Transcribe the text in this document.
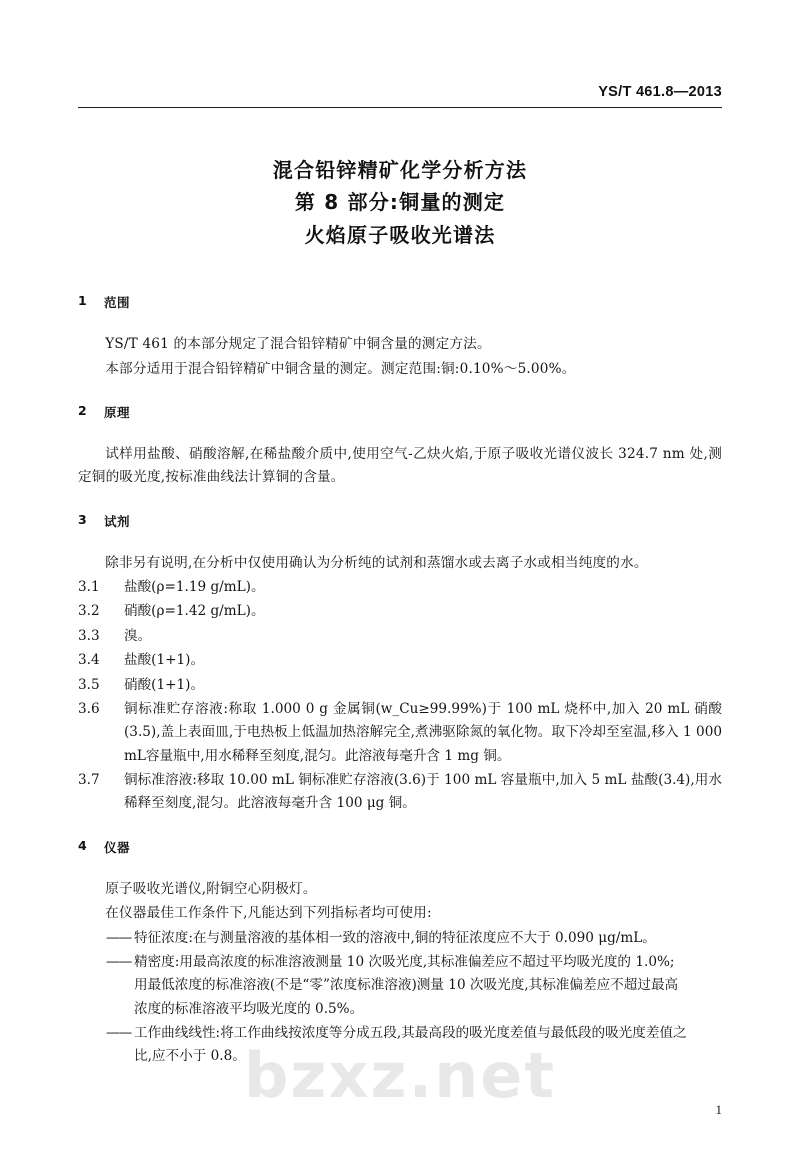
YS/T 461.8—2013
混合铅锌精矿化学分析方法
第 8 部分:铜量的测定
火焰原子吸收光谱法
1	范围
YS/T 461 的本部分规定了混合铅锌精矿中铜含量的测定方法。
本部分适用于混合铅锌精矿中铜含量的测定。测定范围:铜:0.10%～5.00%。
2	原理
试样用盐酸、硝酸溶解,在稀盐酸介质中,使用空气-乙炔火焰,于原子吸收光谱仪波长 324.7 nm 处,测定铜的吸光度,按标准曲线法计算铜的含量。
3	试剂
除非另有说明,在分析中仅使用确认为分析纯的试剂和蒸馏水或去离子水或相当纯度的水。
3.1	盐酸(ρ=1.19 g/mL)。
3.2	硝酸(ρ=1.42 g/mL)。
3.3	溴。
3.4	盐酸(1+1)。
3.5	硝酸(1+1)。
3.6	铜标准贮存溶液:称取 1.000 0 g 金属铜(w_Cu≥99.99%)于 100 mL 烧杯中,加入 20 mL 硝酸(3.5),盖上表面皿,于电热板上低温加热溶解完全,煮沸驱除氮的氧化物。取下冷却至室温,移入 1 000 mL容量瓶中,用水稀释至刻度,混匀。此溶液每毫升含 1 mg 铜。
3.7	铜标准溶液:移取 10.00 mL 铜标准贮存溶液(3.6)于 100 mL 容量瓶中,加入 5 mL 盐酸(3.4),用水稀释至刻度,混匀。此溶液每毫升含 100 μg 铜。
4	仪器
原子吸收光谱仪,附铜空心阴极灯。
在仪器最佳工作条件下,凡能达到下列指标者均可使用:
—— 特征浓度:在与测量溶液的基体相一致的溶液中,铜的特征浓度应不大于 0.090 μg/mL。
—— 精密度:用最高浓度的标准溶液测量 10 次吸光度,其标准偏差应不超过平均吸光度的 1.0%;
用最低浓度的标准溶液(不是“零”浓度标准溶液)测量 10 次吸光度,其标准偏差应不超过最高
浓度的标准溶液平均吸光度的 0.5%。
—— 工作曲线线性:将工作曲线按浓度等分成五段,其最高段的吸光度差值与最低段的吸光度差值之
比,应不小于 0.8。
bzxz.net	1
